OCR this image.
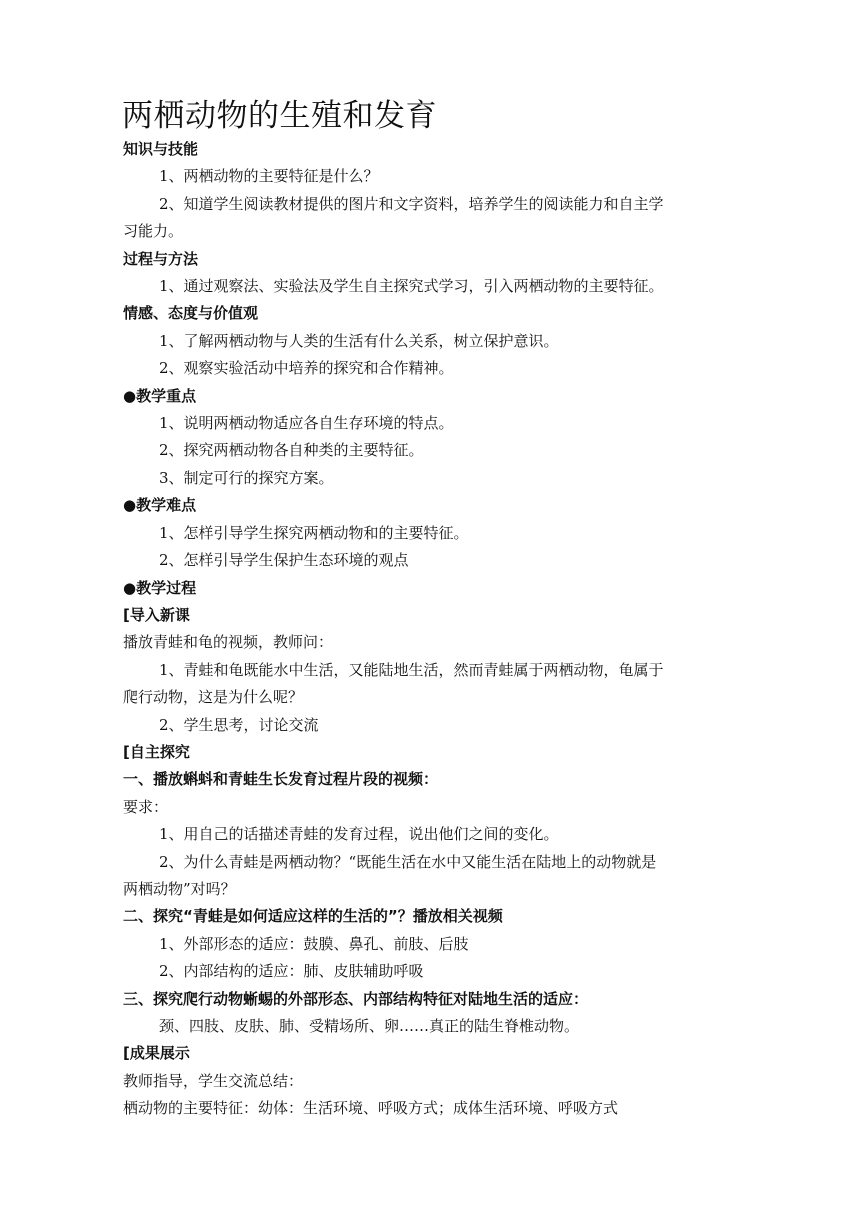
两栖动物的生殖和发育
知识与技能
1、两栖动物的主要特征是什么？
2、知道学生阅读教材提供的图片和文字资料，培养学生的阅读能力和自主学
习能力。
过程与方法
1、通过观察法、实验法及学生自主探究式学习，引入两栖动物的主要特征。
情感、态度与价值观
1、了解两栖动物与人类的生活有什么关系，树立保护意识。
2、观察实验活动中培养的探究和合作精神。
●教学重点
1、说明两栖动物适应各自生存环境的特点。
2、探究两栖动物各自种类的主要特征。
3、制定可行的探究方案。
●教学难点
1、怎样引导学生探究两栖动物和的主要特征。
2、怎样引导学生保护生态环境的观点
●教学过程
[导入新课
播放青蛙和龟的视频，教师问：
1、青蛙和龟既能水中生活，又能陆地生活，然而青蛙属于两栖动物，龟属于
爬行动物，这是为什么呢？
2、学生思考，讨论交流
[自主探究
一、播放蝌蚪和青蛙生长发育过程片段的视频：
要求：
1、用自己的话描述青蛙的发育过程，说出他们之间的变化。
2、为什么青蛙是两栖动物？“既能生活在水中又能生活在陆地上的动物就是
两栖动物”对吗？
二、探究“青蛙是如何适应这样的生活的”？播放相关视频
1、外部形态的适应：鼓膜、鼻孔、前肢、后肢
2、内部结构的适应：肺、皮肤辅助呼吸
三、探究爬行动物蜥蜴的外部形态、内部结构特征对陆地生活的适应：
颈、四肢、皮肤、肺、受精场所、卵……真正的陆生脊椎动物。
[成果展示
教师指导，学生交流总结：
栖动物的主要特征：幼体：生活环境、呼吸方式；成体生活环境、呼吸方式
